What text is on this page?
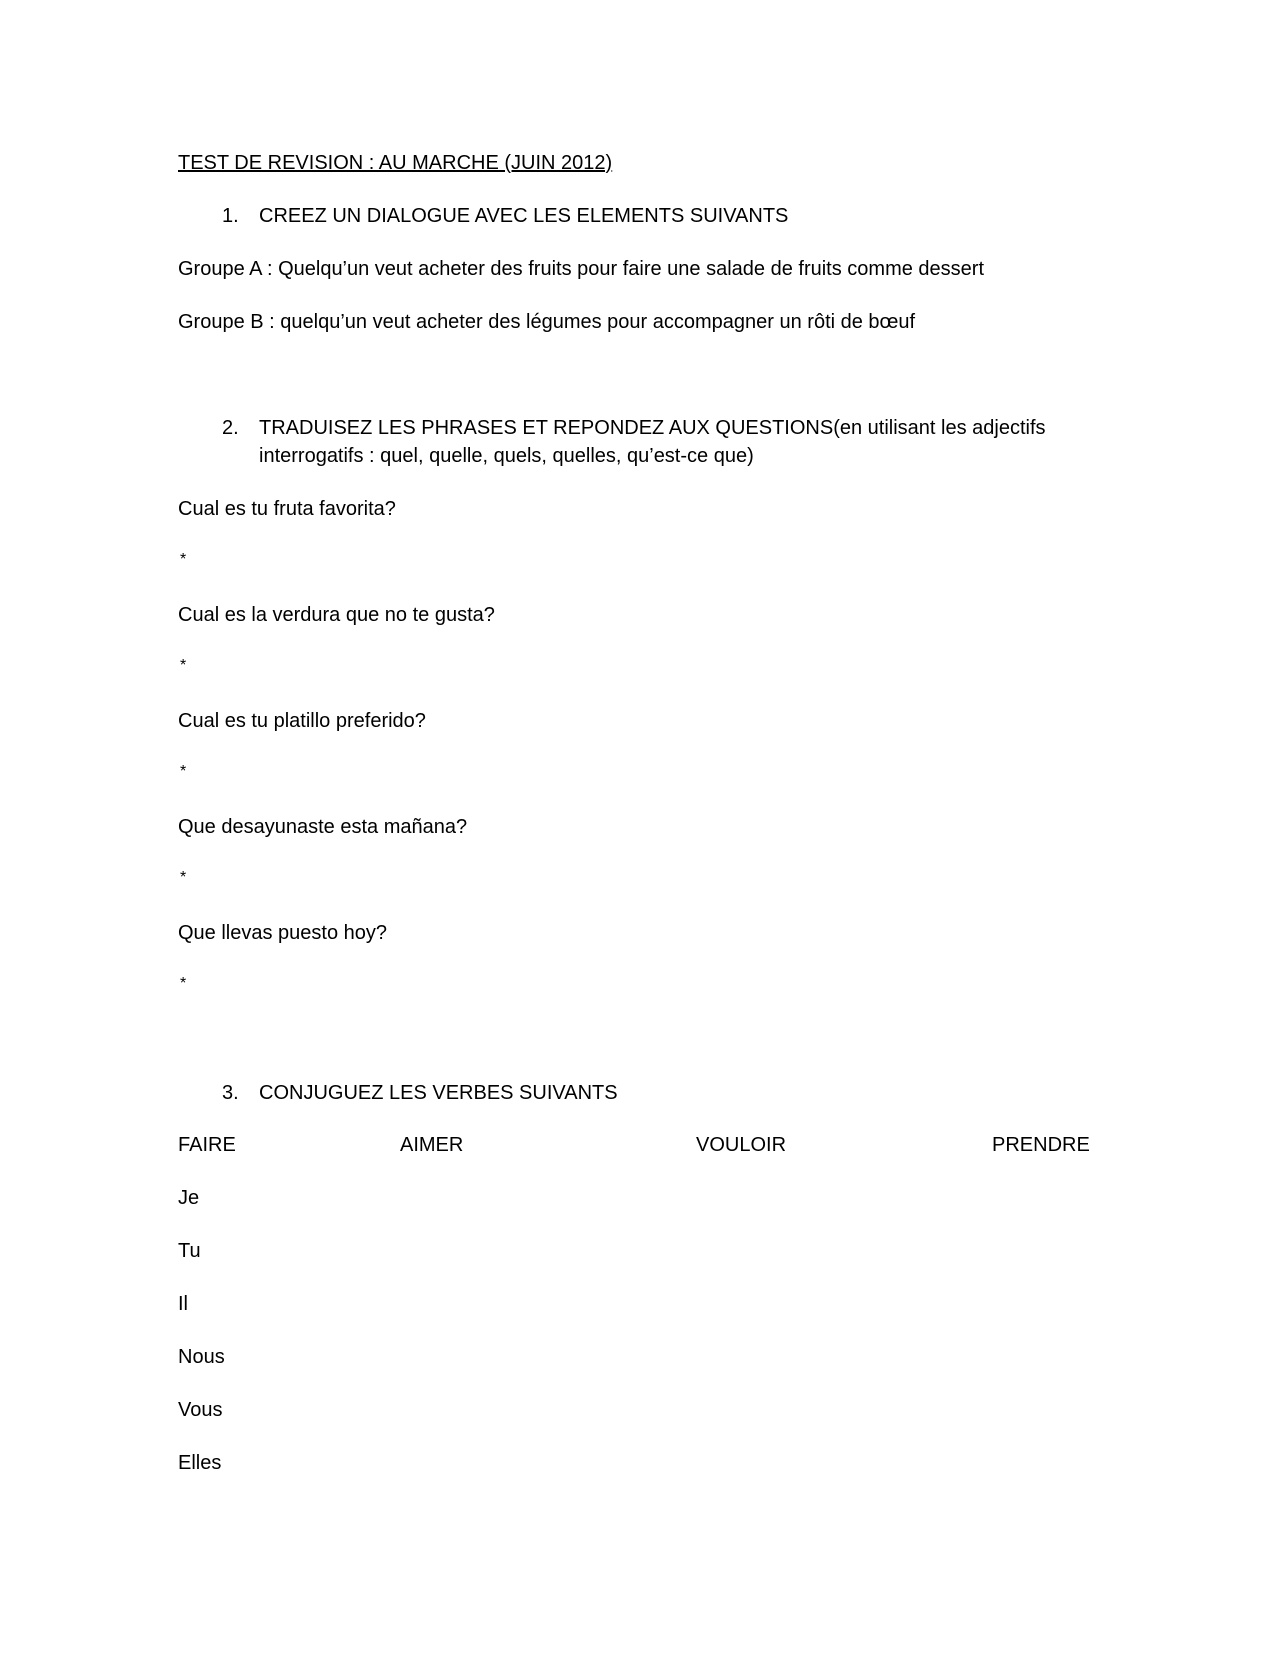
TEST DE REVISION : AU MARCHE (JUIN 2012)
1. CREEZ UN DIALOGUE AVEC LES ELEMENTS SUIVANTS
Groupe A : Quelqu’un veut acheter des fruits pour faire une salade de fruits comme dessert
Groupe B : quelqu’un veut acheter des légumes pour accompagner un rôti de bœuf
2. TRADUISEZ LES PHRASES ET REPONDEZ AUX QUESTIONS(en utilisant les adjectifs
interrogatifs : quel, quelle, quels, quelles, qu’est-ce que)
Cual es tu fruta favorita?
*
Cual es la verdura que no te gusta?
*
Cual es tu platillo preferido?
*
Que desayunaste esta mañana?
*
Que llevas puesto hoy?
*
3. CONJUGUEZ LES VERBES SUIVANTS
FAIRE	AIMER	VOULOIR	PRENDRE
Je
Tu
Il
Nous
Vous
Elles
